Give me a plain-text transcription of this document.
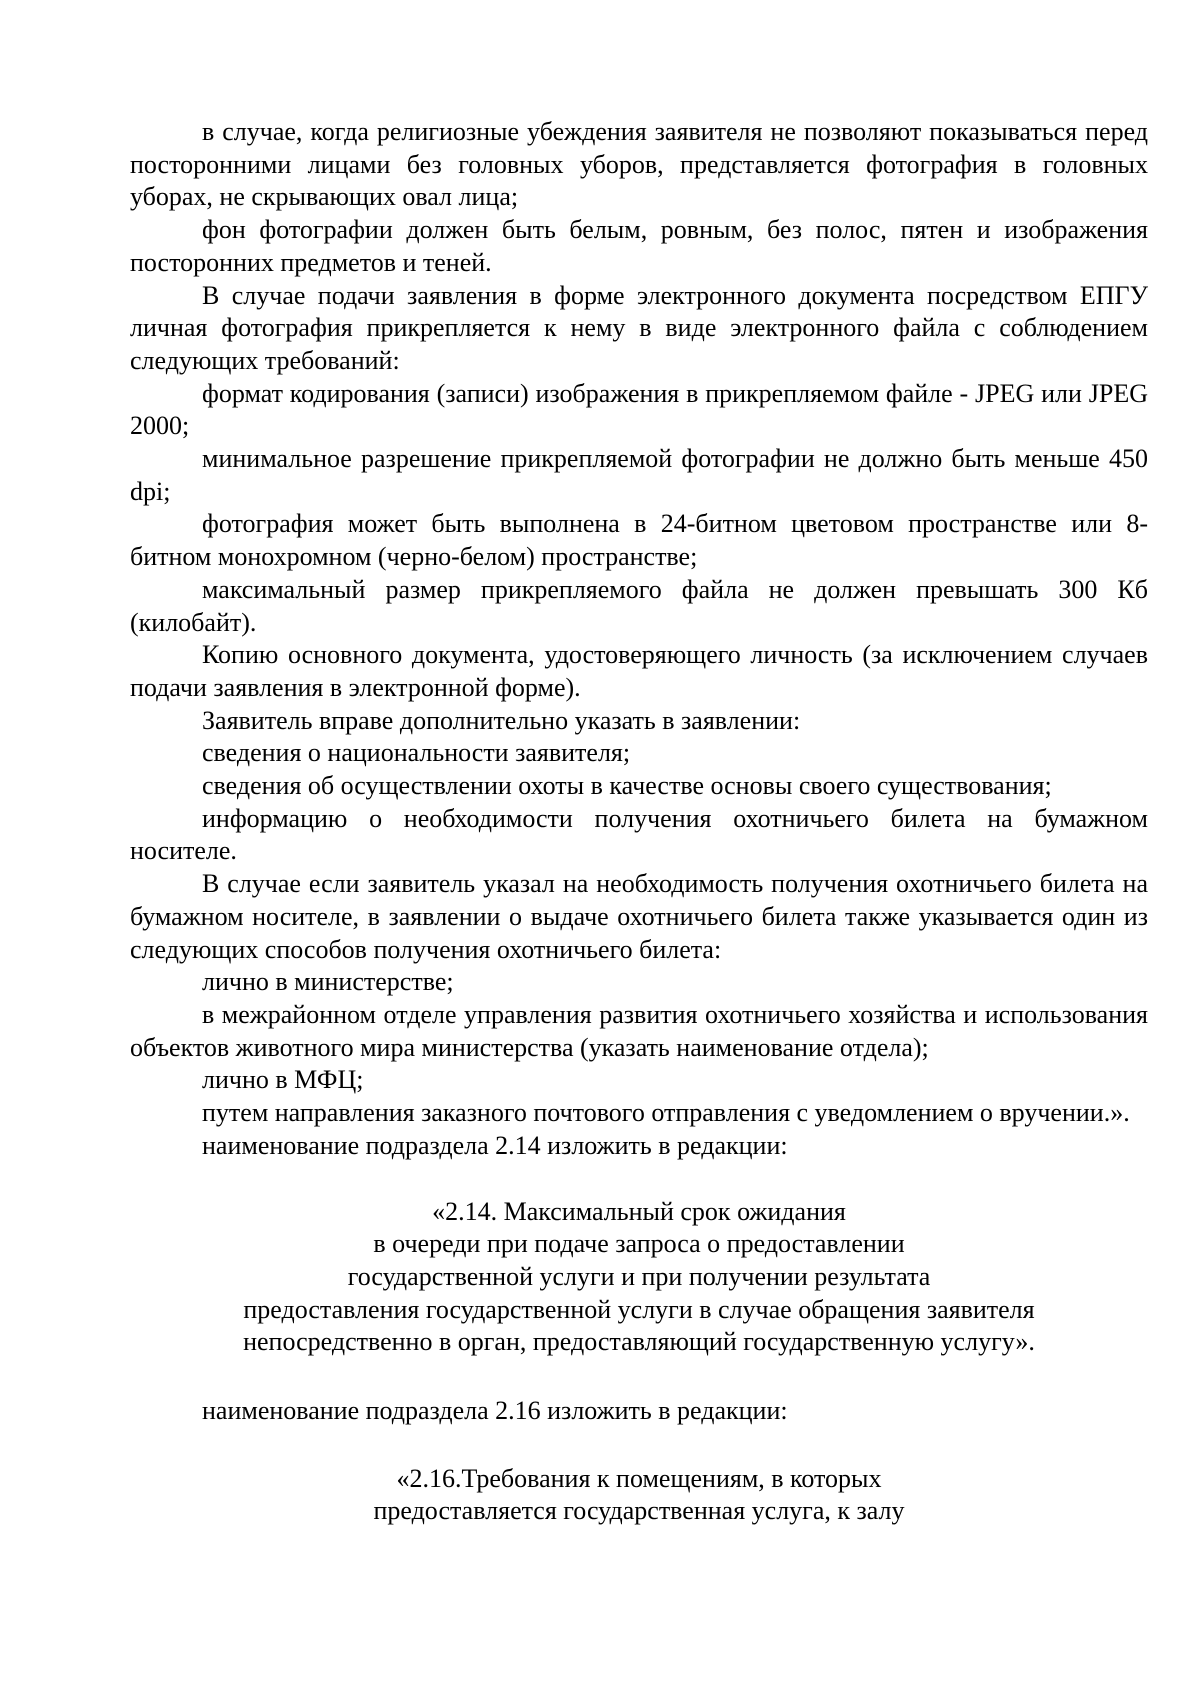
в случае, когда религиозные убеждения заявителя не позволяют показываться перед посторонними лицами без головных уборов, представляется фотография в головных уборах, не скрывающих овал лица;

фон фотографии должен быть белым, ровным, без полос, пятен и изображения посторонних предметов и теней.

В случае подачи заявления в форме электронного документа посредством ЕПГУ личная фотография прикрепляется к нему в виде электронного файла с соблюдением следующих требований:

формат кодирования (записи) изображения в прикрепляемом файле - JPEG или JPEG 2000;

минимальное разрешение прикрепляемой фотографии не должно быть меньше 450 dpi;

фотография может быть выполнена в 24-битном цветовом пространстве или 8-битном монохромном (черно-белом) пространстве;

максимальный размер прикрепляемого файла не должен превышать 300 Кб (килобайт).

Копию основного документа, удостоверяющего личность (за исключением случаев подачи заявления в электронной форме).

Заявитель вправе дополнительно указать в заявлении:

сведения о национальности заявителя;

сведения об осуществлении охоты в качестве основы своего существования;

информацию о необходимости получения охотничьего билета на бумажном носителе.

В случае если заявитель указал на необходимость получения охотничьего билета на бумажном носителе, в заявлении о выдаче охотничьего билета также указывается один из следующих способов получения охотничьего билета:

лично в министерстве;

в межрайонном отделе управления развития охотничьего хозяйства и использования объектов животного мира министерства (указать наименование отдела);

лично в МФЦ;

путем направления заказного почтового отправления с уведомлением о вручении.».

наименование подраздела 2.14 изложить в редакции:

«2.14. Максимальный срок ожидания
в очереди при подаче запроса о предоставлении
государственной услуги и при получении результата
предоставления государственной услуги в случае обращения заявителя
непосредственно в орган, предоставляющий государственную услугу».

наименование подраздела 2.16 изложить в редакции:

«2.16.Требования к помещениям, в которых
предоставляется государственная услуга, к залу
